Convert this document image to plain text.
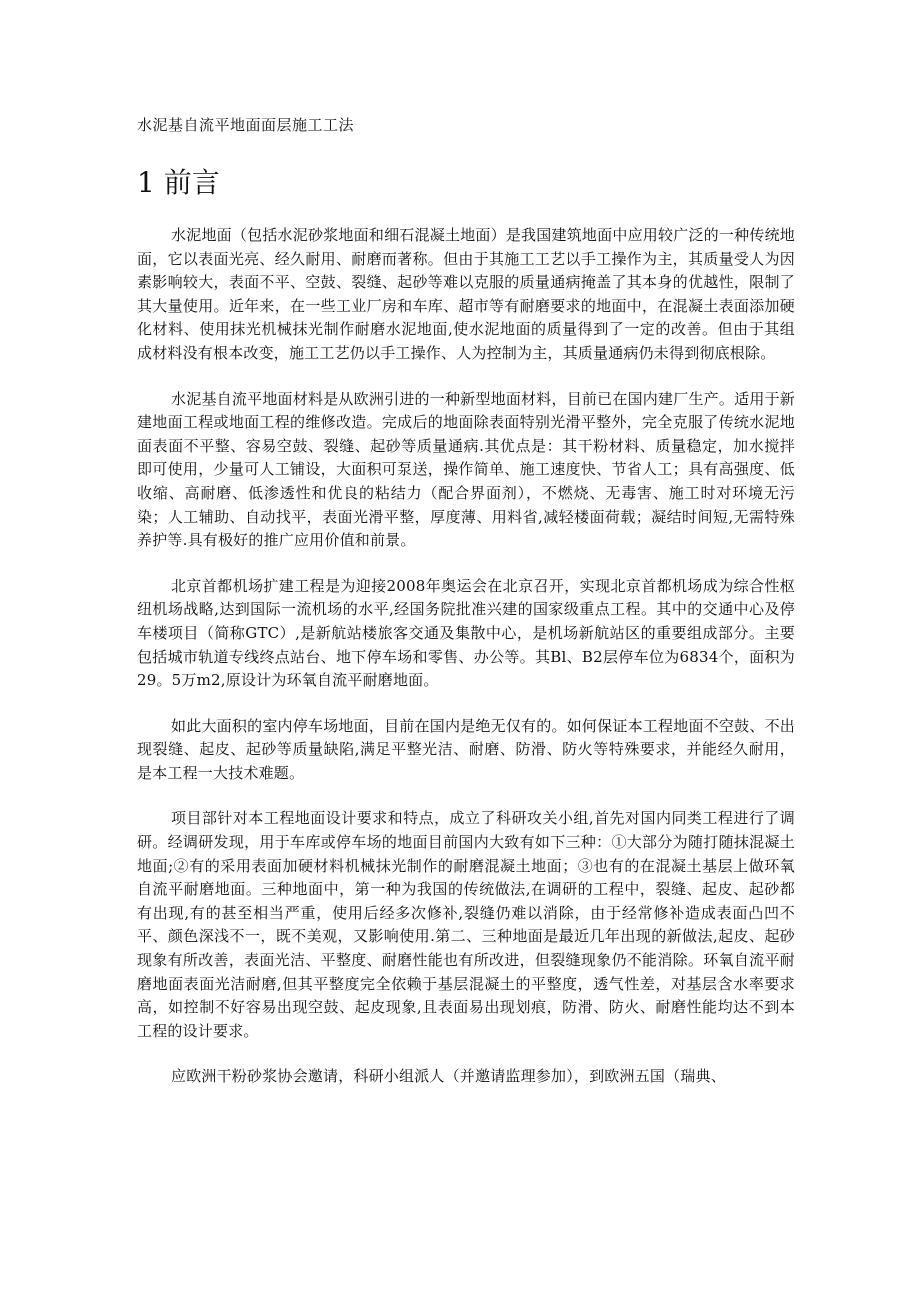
水泥基自流平地面面层施工工法
1 前言

水泥地面（包括水泥砂浆地面和细石混凝土地面）是我国建筑地面中应用较广泛的一种传统地面，它以表面光亮、经久耐用、耐磨而著称。但由于其施工工艺以手工操作为主，其质量受人为因素影响较大，表面不平、空鼓、裂缝、起砂等难以克服的质量通病掩盖了其本身的优越性，限制了其大量使用。近年来，在一些工业厂房和车库、超市等有耐磨要求的地面中，在混凝土表面添加硬化材料、使用抹光机械抹光制作耐磨水泥地面,使水泥地面的质量得到了一定的改善。但由于其组成材料没有根本改变，施工工艺仍以手工操作、人为控制为主，其质量通病仍未得到彻底根除。

水泥基自流平地面材料是从欧洲引进的一种新型地面材料，目前已在国内建厂生产。适用于新建地面工程或地面工程的维修改造。完成后的地面除表面特别光滑平整外，完全克服了传统水泥地面表面不平整、容易空鼓、裂缝、起砂等质量通病.其优点是：其干粉材料、质量稳定，加水搅拌即可使用，少量可人工铺设，大面积可泵送，操作简单、施工速度快、节省人工；具有高强度、低收缩、高耐磨、低渗透性和优良的粘结力（配合界面剂），不燃烧、无毒害、施工时对环境无污染；人工辅助、自动找平，表面光滑平整，厚度薄、用料省,减轻楼面荷载；凝结时间短,无需特殊养护等.具有极好的推广应用价值和前景。

北京首都机场扩建工程是为迎接2008年奥运会在北京召开，实现北京首都机场成为综合性枢纽机场战略,达到国际一流机场的水平,经国务院批准兴建的国家级重点工程。其中的交通中心及停车楼项目（简称GTC）,是新航站楼旅客交通及集散中心，是机场新航站区的重要组成部分。主要包括城市轨道专线终点站台、地下停车场和零售、办公等。其Bl、B2层停车位为6834个，面积为29。5万m2,原设计为环氧自流平耐磨地面。

如此大面积的室内停车场地面，目前在国内是绝无仅有的。如何保证本工程地面不空鼓、不出现裂缝、起皮、起砂等质量缺陷,满足平整光洁、耐磨、防滑、防火等特殊要求，并能经久耐用，是本工程一大技术难题。

项目部针对本工程地面设计要求和特点，成立了科研攻关小组,首先对国内同类工程进行了调研。经调研发现，用于车库或停车场的地面目前国内大致有如下三种：①大部分为随打随抹混凝土地面;②有的采用表面加硬材料机械抹光制作的耐磨混凝土地面；③也有的在混凝土基层上做环氧自流平耐磨地面。三种地面中，第一种为我国的传统做法,在调研的工程中，裂缝、起皮、起砂都有出现,有的甚至相当严重，使用后经多次修补,裂缝仍难以消除，由于经常修补造成表面凸凹不平、颜色深浅不一，既不美观，又影响使用.第二、三种地面是最近几年出现的新做法,起皮、起砂现象有所改善，表面光洁、平整度、耐磨性能也有所改进，但裂缝现象仍不能消除。环氧自流平耐磨地面表面光洁耐磨,但其平整度完全依赖于基层混凝土的平整度，透气性差，对基层含水率要求高，如控制不好容易出现空鼓、起皮现象,且表面易出现划痕，防滑、防火、耐磨性能均达不到本工程的设计要求。

应欧洲干粉砂浆协会邀请，科研小组派人（并邀请监理参加），到欧洲五国（瑞典、
